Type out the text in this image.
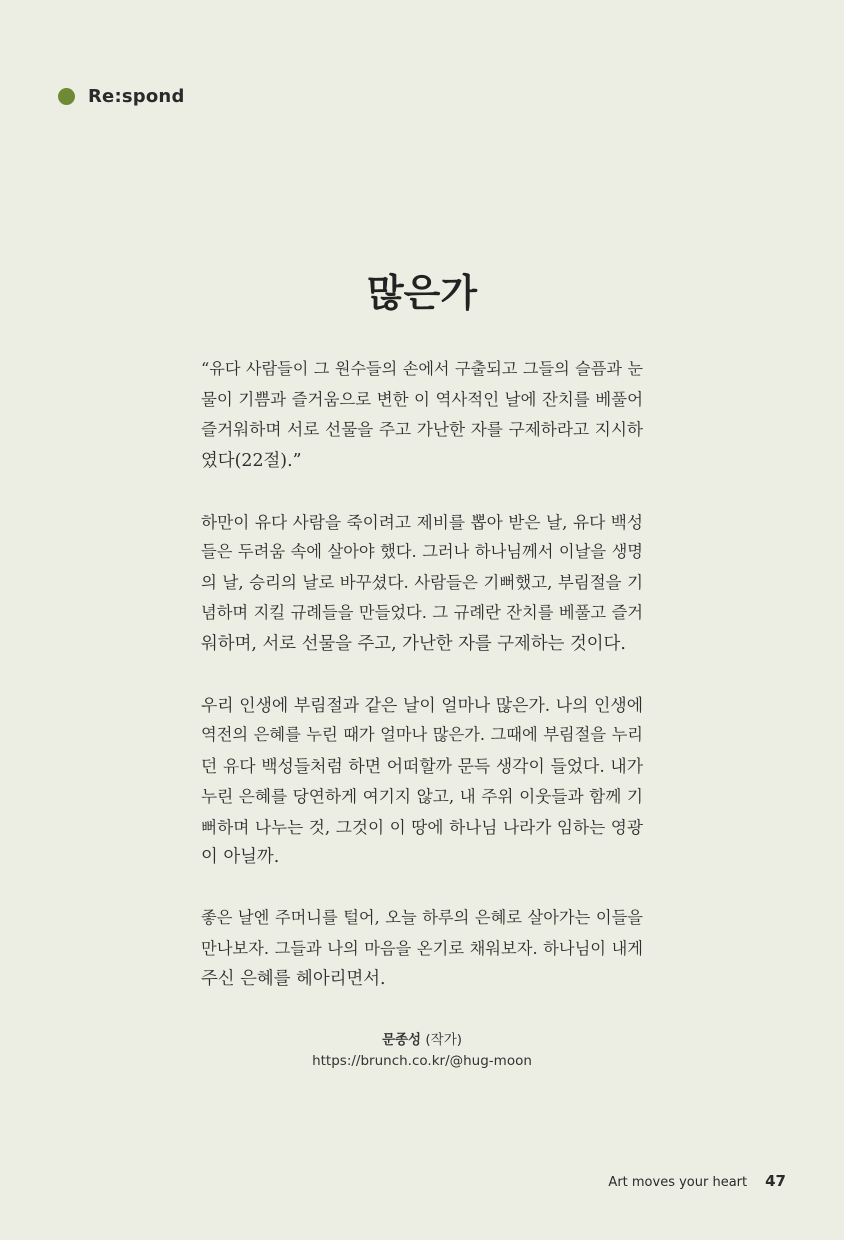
Re:spond
많은가

“유다 사람들이 그 원수들의 손에서 구출되고 그들의 슬픔과 눈
물이 기쁨과 즐거움으로 변한 이 역사적인 날에 잔치를 베풀어
즐거워하며 서로 선물을 주고 가난한 자를 구제하라고 지시하
였다(22절).”

하만이 유다 사람을 죽이려고 제비를 뽑아 받은 날, 유다 백성
들은 두려움 속에 살아야 했다. 그러나 하나님께서 이날을 생명
의 날, 승리의 날로 바꾸셨다. 사람들은 기뻐했고, 부림절을 기
념하며 지킬 규례들을 만들었다. 그 규례란 잔치를 베풀고 즐거
워하며, 서로 선물을 주고, 가난한 자를 구제하는 것이다.

우리 인생에 부림절과 같은 날이 얼마나 많은가. 나의 인생에
역전의 은혜를 누린 때가 얼마나 많은가. 그때에 부림절을 누리
던 유다 백성들처럼 하면 어떠할까 문득 생각이 들었다. 내가
누린 은혜를 당연하게 여기지 않고, 내 주위 이웃들과 함께 기
뻐하며 나누는 것, 그것이 이 땅에 하나님 나라가 임하는 영광
이 아닐까.

좋은 날엔 주머니를 털어, 오늘 하루의 은혜로 살아가는 이들을
만나보자. 그들과 나의 마음을 온기로 채워보자. 하나님이 내게
주신 은혜를 헤아리면서.

문종성 (작가)
https://brunch.co.kr/@hug-moon
Art moves your heart 47
